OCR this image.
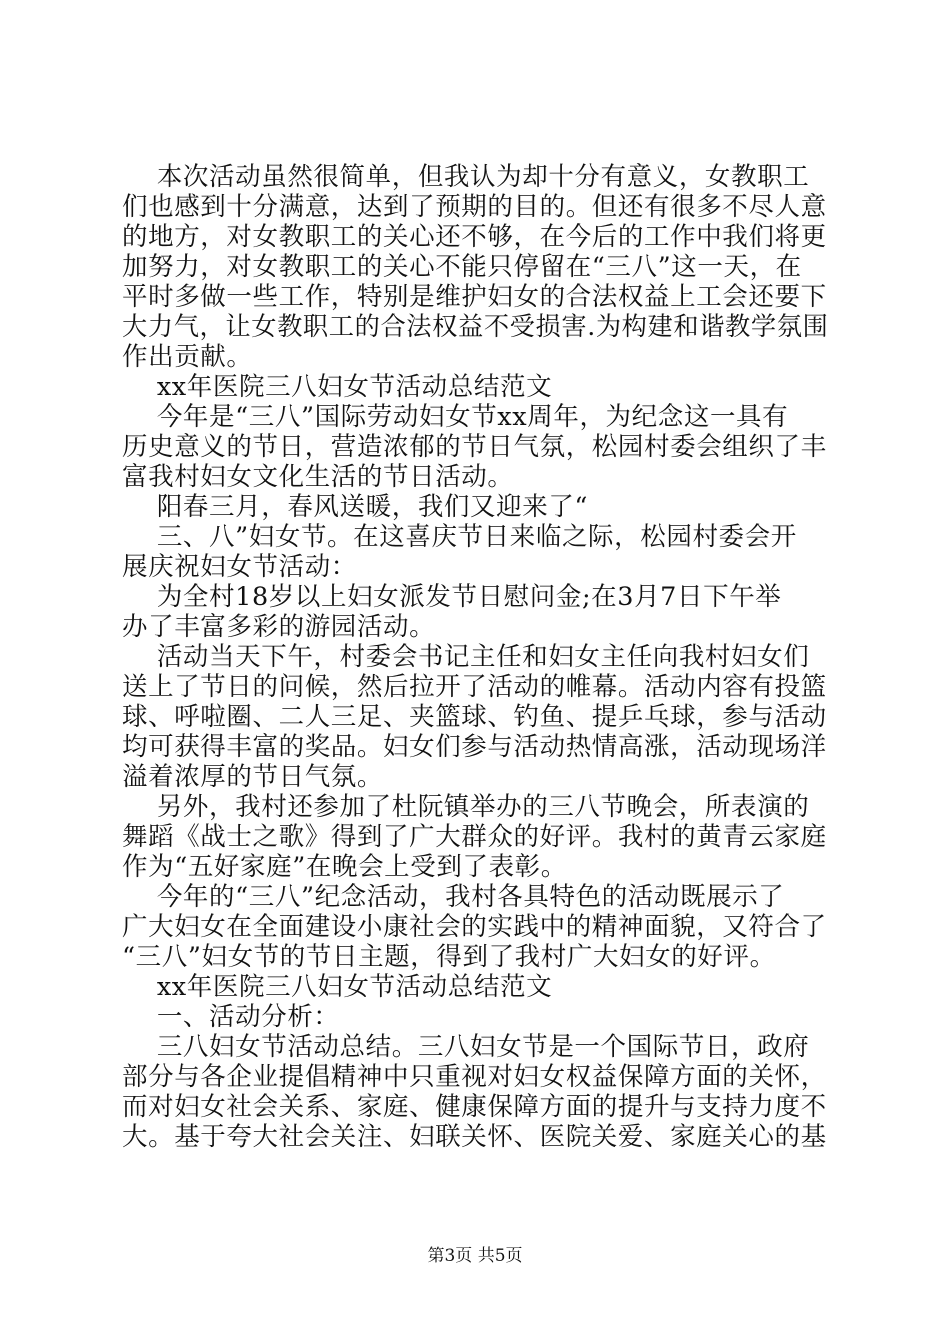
本次活动虽然很简单，但我认为却十分有意义，女教职工
们也感到十分满意，达到了预期的目的。但还有很多不尽人意
的地方，对女教职工的关心还不够，在今后的工作中我们将更
加努力，对女教职工的关心不能只停留在“三八”这一天，在
平时多做一些工作，特别是维护妇女的合法权益上工会还要下
大力气，让女教职工的合法权益不受损害.为构建和谐教学氛围
作出贡献。
xx年医院三八妇女节活动总结范文
今年是“三八”国际劳动妇女节xx周年，为纪念这一具有
历史意义的节日，营造浓郁的节日气氛，松园村委会组织了丰
富我村妇女文化生活的节日活动。
阳春三月，春风送暖，我们又迎来了“
三、八”妇女节。在这喜庆节日来临之际，松园村委会开
展庆祝妇女节活动：
为全村18岁以上妇女派发节日慰问金;在3月7日下午举
办了丰富多彩的游园活动。
活动当天下午，村委会书记主任和妇女主任向我村妇女们
送上了节日的问候，然后拉开了活动的帷幕。活动内容有投篮
球、呼啦圈、二人三足、夹篮球、钓鱼、提乒乓球，参与活动
均可获得丰富的奖品。妇女们参与活动热情高涨，活动现场洋
溢着浓厚的节日气氛。
另外，我村还参加了杜阮镇举办的三八节晚会，所表演的
舞蹈《战士之歌》得到了广大群众的好评。我村的黄青云家庭
作为“五好家庭”在晚会上受到了表彰。
今年的“三八”纪念活动，我村各具特色的活动既展示了
广大妇女在全面建设小康社会的实践中的精神面貌，又符合了
“三八”妇女节的节日主题，得到了我村广大妇女的好评。
xx年医院三八妇女节活动总结范文
一、活动分析：
三八妇女节活动总结。三八妇女节是一个国际节日，政府
部分与各企业提倡精神中只重视对妇女权益保障方面的关怀，
而对妇女社会关系、家庭、健康保障方面的提升与支持力度不
大。基于夸大社会关注、妇联关怀、医院关爱、家庭关心的基
第3页 共5页
